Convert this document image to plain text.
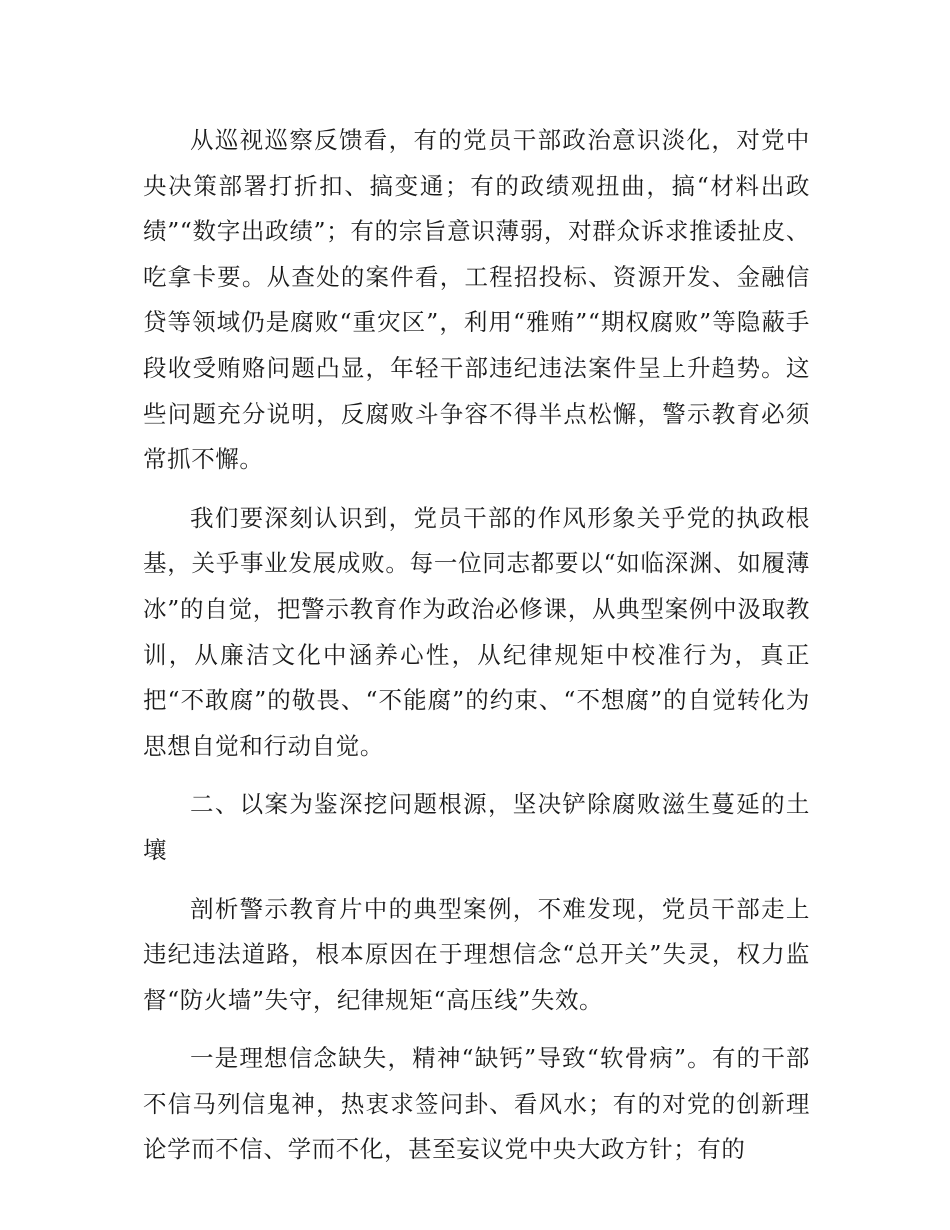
从巡视巡察反馈看，有的党员干部政治意识淡化，对党中央决策部署打折扣、搞变通；有的政绩观扭曲，搞“材料出政绩”“数字出政绩”；有的宗旨意识薄弱，对群众诉求推诿扯皮、吃拿卡要。从查处的案件看，工程招投标、资源开发、金融信贷等领域仍是腐败“重灾区”，利用“雅贿”“期权腐败”等隐蔽手段收受贿赂问题凸显，年轻干部违纪违法案件呈上升趋势。这些问题充分说明，反腐败斗争容不得半点松懈，警示教育必须常抓不懈。

我们要深刻认识到，党员干部的作风形象关乎党的执政根基，关乎事业发展成败。每一位同志都要以“如临深渊、如履薄冰”的自觉，把警示教育作为政治必修课，从典型案例中汲取教训，从廉洁文化中涵养心性，从纪律规矩中校准行为，真正把“不敢腐”的敬畏、“不能腐”的约束、“不想腐”的自觉转化为思想自觉和行动自觉。

二、以案为鉴深挖问题根源，坚决铲除腐败滋生蔓延的土壤

剖析警示教育片中的典型案例，不难发现，党员干部走上违纪违法道路，根本原因在于理想信念“总开关”失灵，权力监督“防火墙”失守，纪律规矩“高压线”失效。

一是理想信念缺失，精神“缺钙”导致“软骨病”。有的干部不信马列信鬼神，热衷求签问卦、看风水；有的对党的创新理论学而不信、学而不化，甚至妄议党中央大政方针；有的
